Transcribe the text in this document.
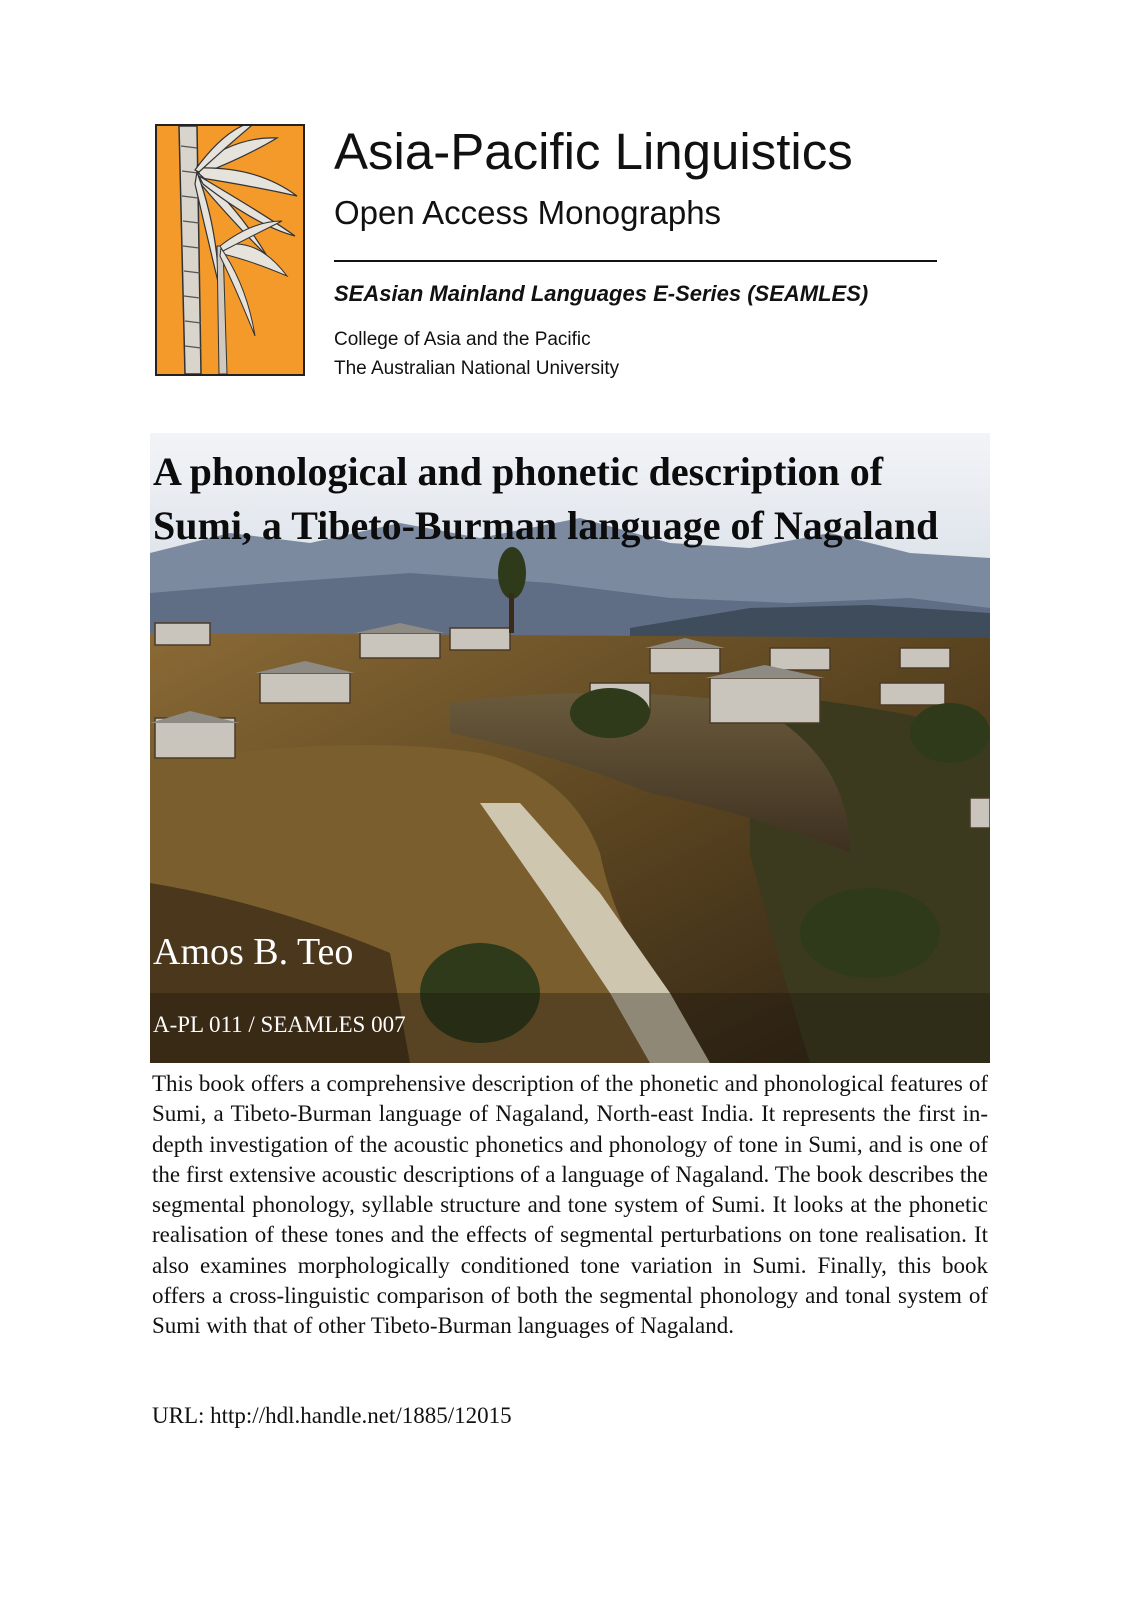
Asia-Pacific Linguistics
Open Access Monographs
SEAsian Mainland Languages E-Series (SEAMLES)
College of Asia and the Pacific
The Australian National University
A phonological and phonetic description of Sumi, a Tibeto-Burman language of Nagaland
Amos B. Teo
A-PL 011 / SEAMLES 007

This book offers a comprehensive description of the phonetic and phonological features of Sumi, a Tibeto-Burman language of Nagaland, North-east India. It represents the first in-depth investigation of the acoustic phonetics and phonology of tone in Sumi, and is one of the first extensive acoustic descriptions of a language of Nagaland. The book describes the segmental phonology, syllable structure and tone system of Sumi. It looks at the phonetic realisation of these tones and the effects of segmental perturbations on tone realisation. It also examines morphologically conditioned tone variation in Sumi. Finally, this book offers a cross-linguistic comparison of both the segmental phonology and tonal system of Sumi with that of other Tibeto-Burman languages of Nagaland.

URL: http://hdl.handle.net/1885/12015
